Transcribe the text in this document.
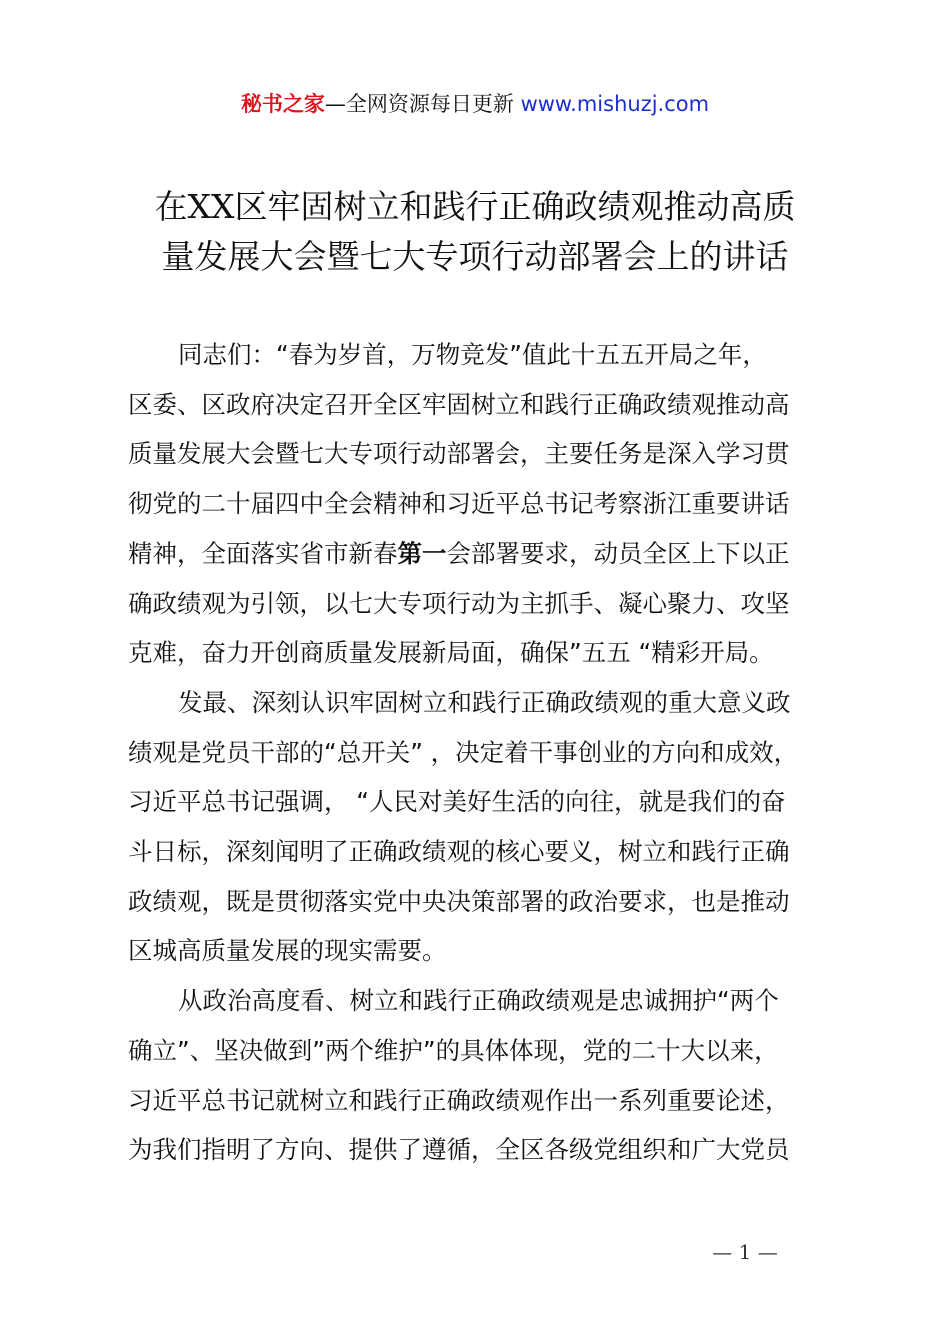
秘书之家—全网资源每日更新 www.mishuzj.com
在XX区牢固树立和践行正确政绩观推动高质
量发展大会暨七大专项行动部署会上的讲话
同志们：“春为岁首，万物竞发”值此十五五开局之年，
区委、区政府决定召开全区牢固树立和践行正确政绩观推动高
质量发展大会暨七大专项行动部署会，主要任务是深入学习贯
彻党的二十届四中全会精神和习近平总书记考察浙江重要讲话
精神，全面落实省市新春第一会部署要求，动员全区上下以正
确政绩观为引领，以七大专项行动为主抓手、凝心聚力、攻坚
克难，奋力开创商质量发展新局面，确保”五五 “精彩开局。
发最、深刻认识牢固树立和践行正确政绩观的重大意义政
绩观是党员干部的“总开关” ，决定着干事创业的方向和成效，
习近平总书记强调， “人民对美好生活的向往，就是我们的奋
斗日标，深刻闻明了正确政绩观的核心要义，树立和践行正确
政绩观，既是贯彻落实党中央决策部署的政治要求，也是推动
区城高质量发展的现实需要。
从政治高度看、树立和践行正确政绩观是忠诚拥护“两个
确立”、坚决做到”两个维护”的具体体现，党的二十大以来，
习近平总书记就树立和践行正确政绩观作出一系列重要论述，
为我们指明了方向、提供了遵循，全区各级党组织和广大党员
— 1 —
